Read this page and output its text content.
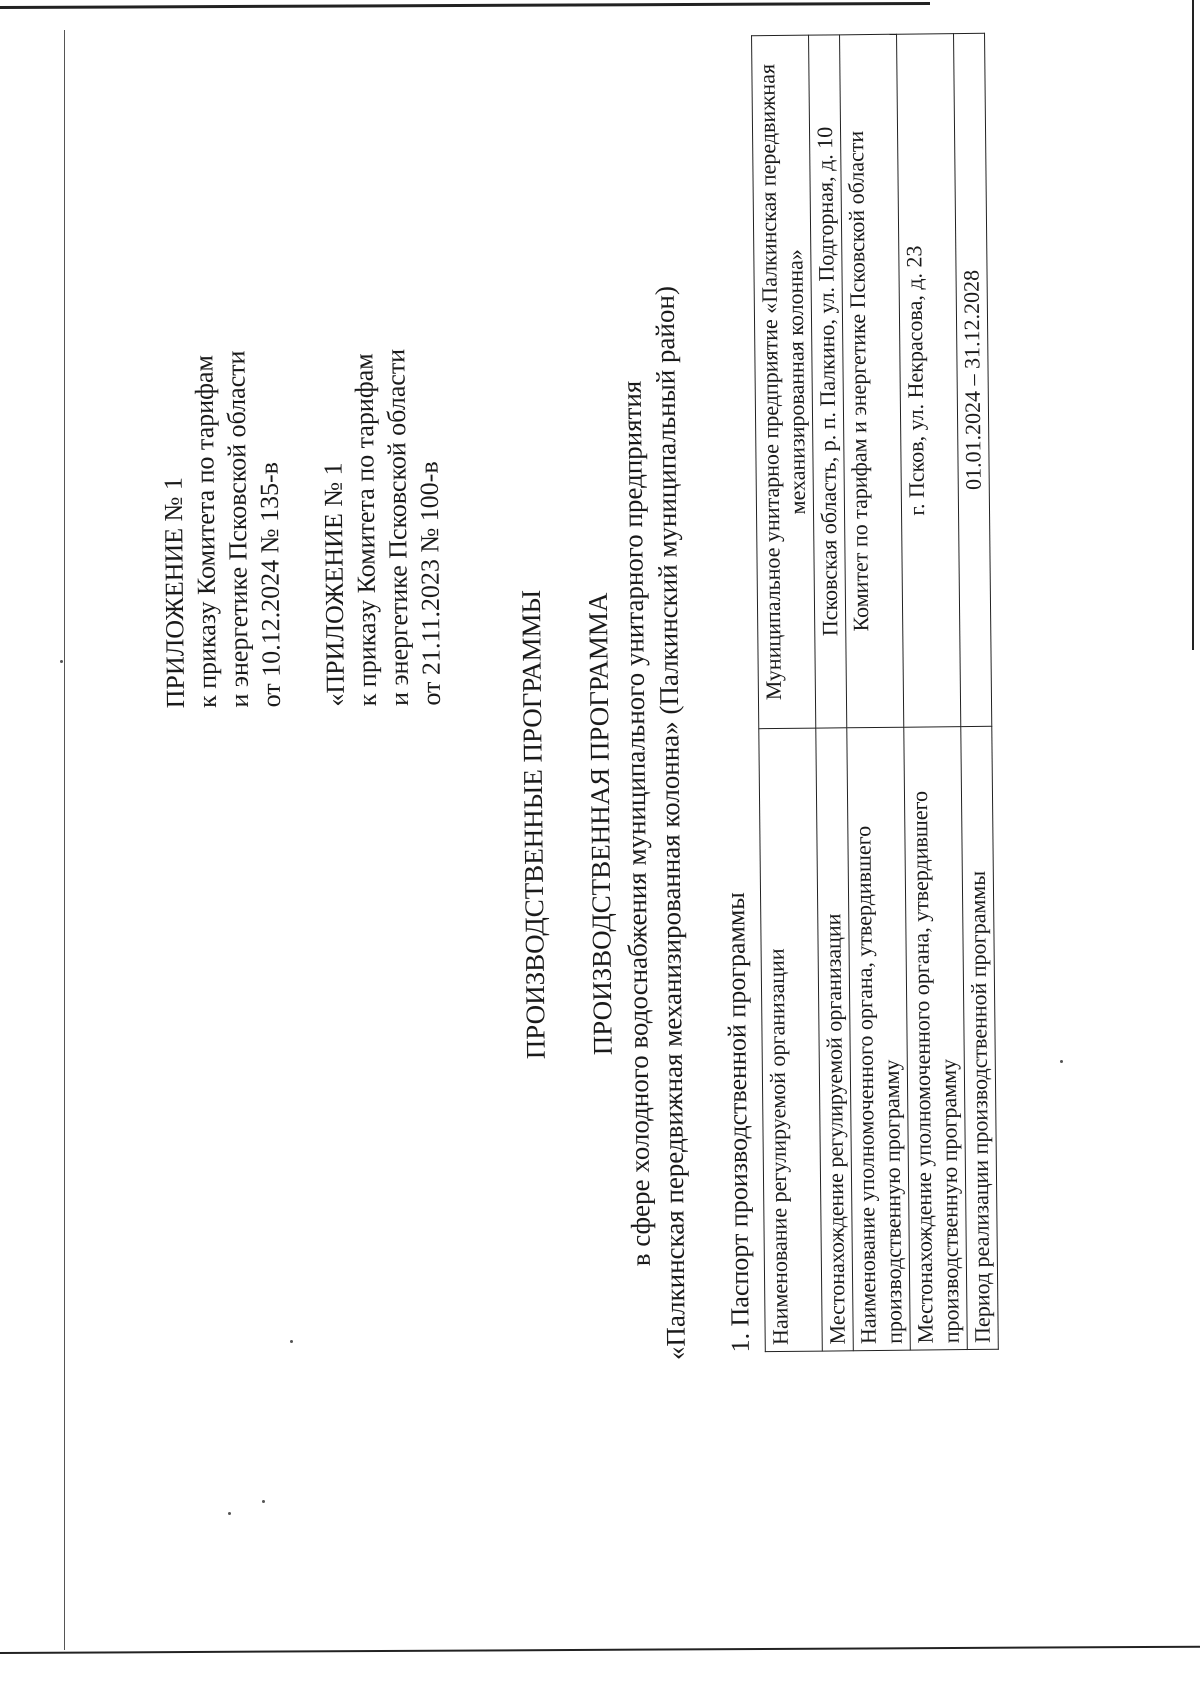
ПРИЛОЖЕНИЕ № 1 к приказу Комитета по тарифам и энергетике Псковской области от 10.12.2024 № 135-в «ПРИЛОЖЕНИЕ № 1 к приказу Комитета по тарифам и энергетике Псковской области от 21.11.2023 № 100-в
ПРОИЗВОДСТВЕННЫЕ ПРОГРАММЫ	ПРОИЗВОДСТВЕННАЯ ПРОГРАММА
в сфере холодного водоснабжения муниципального унитарного предприятия
«Палкинская передвижная механизированная колонна» (Палкинский муниципальный район) 1. Паспорт производственной программы Наименование регулируемой организации	Муниципальное унитарное предприятие «Палкинская передвижная механизированная колонна»
Местонахождение регулируемой организации	Псковская область, р. п. Палкино, ул. Подгорная, д. 10
Наименование уполномоченного органа, утвердившего производственную программу	Комитет по тарифам и энергетике Псковской области
Местонахождение уполномоченного органа, утвердившего производственную программу	г. Псков, ул. Некрасова, д. 23
Период реализации производственной программы	01.01.2024 – 31.12.2028
